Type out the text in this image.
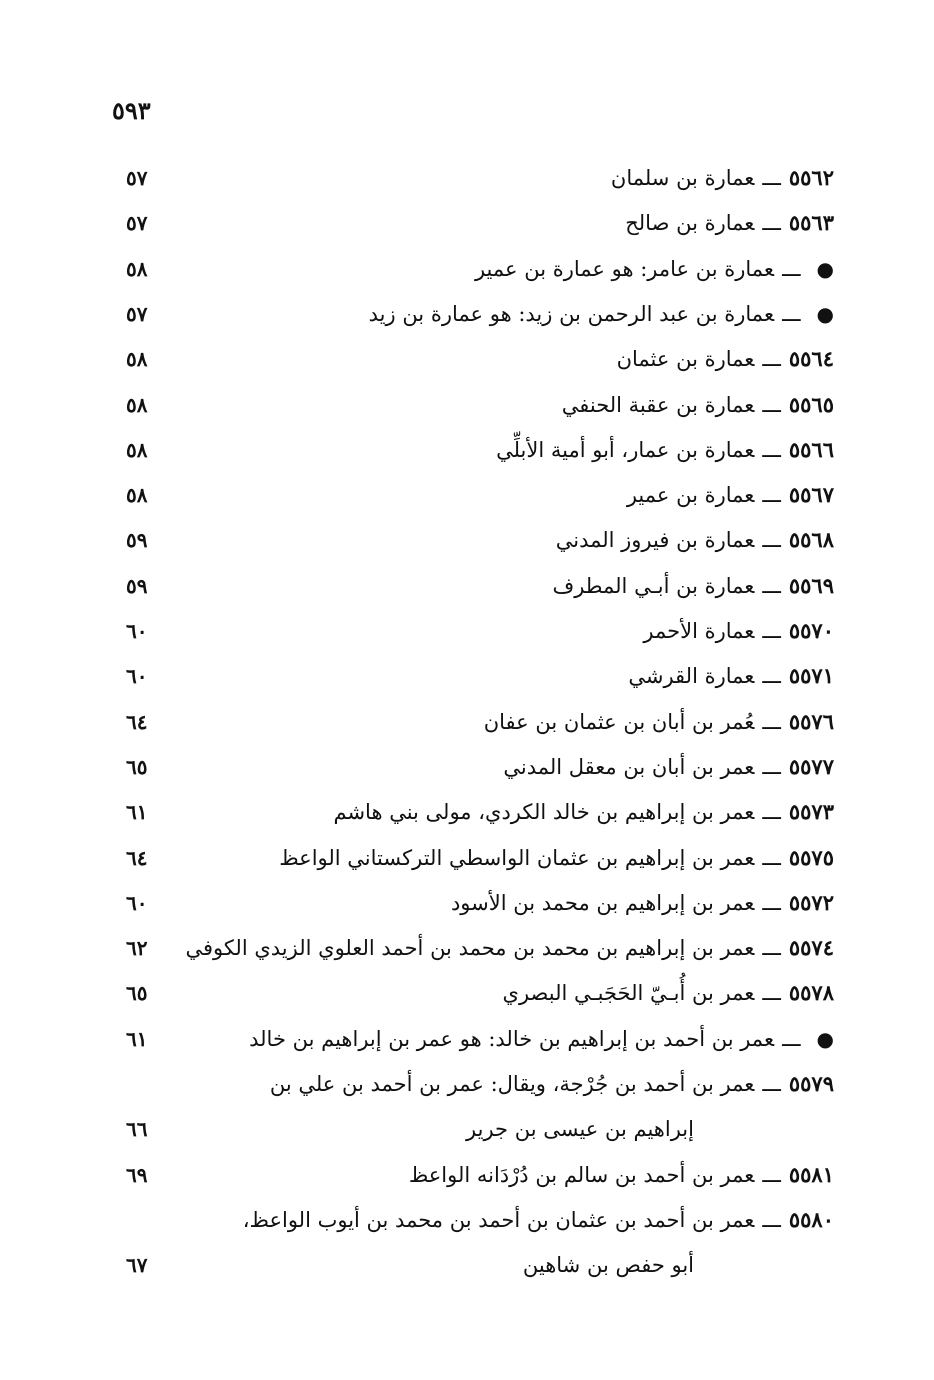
٥٩٣
٥٥٦٢ـــعمارة بن سلمان
٥٧
٥٥٦٣ـــعمارة بن صالح
٥٧
●ـــعمارة بن عامر: هو عمارة بن عمير
٥٨
●ـــعمارة بن عبد الرحمن بن زيد: هو عمارة بن زيد
٥٧
٥٥٦٤ـــعمارة بن عثمان
٥٨
٥٥٦٥ـــعمارة بن عقبة الحنفي
٥٨
٥٥٦٦ـــعمارة بن عمار، أبو أمية الأبلِّي
٥٨
٥٥٦٧ـــعمارة بن عمير
٥٨
٥٥٦٨ـــعمارة بن فيروز المدني
٥٩
٥٥٦٩ـــعمارة بن أبـي المطرف
٥٩
٥٥٧٠ـــعمارة الأحمر
٦٠
٥٥٧١ـــعمارة القرشي
٦٠
٥٥٧٦ـــعُمر بن أبان بن عثمان بن عفان
٦٤
٥٥٧٧ـــعمر بن أبان بن معقل المدني
٦٥
٥٥٧٣ـــعمر بن إبراهيم بن خالد الكردي، مولى بني هاشم
٦١
٥٥٧٥ـــعمر بن إبراهيم بن عثمان الواسطي التركستاني الواعظ
٦٤
٥٥٧٢ـــعمر بن إبراهيم بن محمد بن الأسود
٦٠
٥٥٧٤ـــعمر بن إبراهيم بن محمد بن محمد بن أحمد العلوي الزيدي الكوفي
٦٢
٥٥٧٨ـــعمر بن أُبـيّ الحَجَبـي البصري
٦٥
●ـــعمر بن أحمد بن إبراهيم بن خالد: هو عمر بن إبراهيم بن خالد
٦١
٥٥٧٩ـــعمر بن أحمد بن جُرْجة، ويقال: عمر بن أحمد بن علي بن
إبراهيم بن عيسى بن جرير
٦٦
٥٥٨١ـــعمر بن أحمد بن سالم بن دُرْدَانه الواعظ
٦٩
٥٥٨٠ـــعمر بن أحمد بن عثمان بن أحمد بن محمد بن أيوب الواعظ،
أبو حفص بن شاهين
٦٧
